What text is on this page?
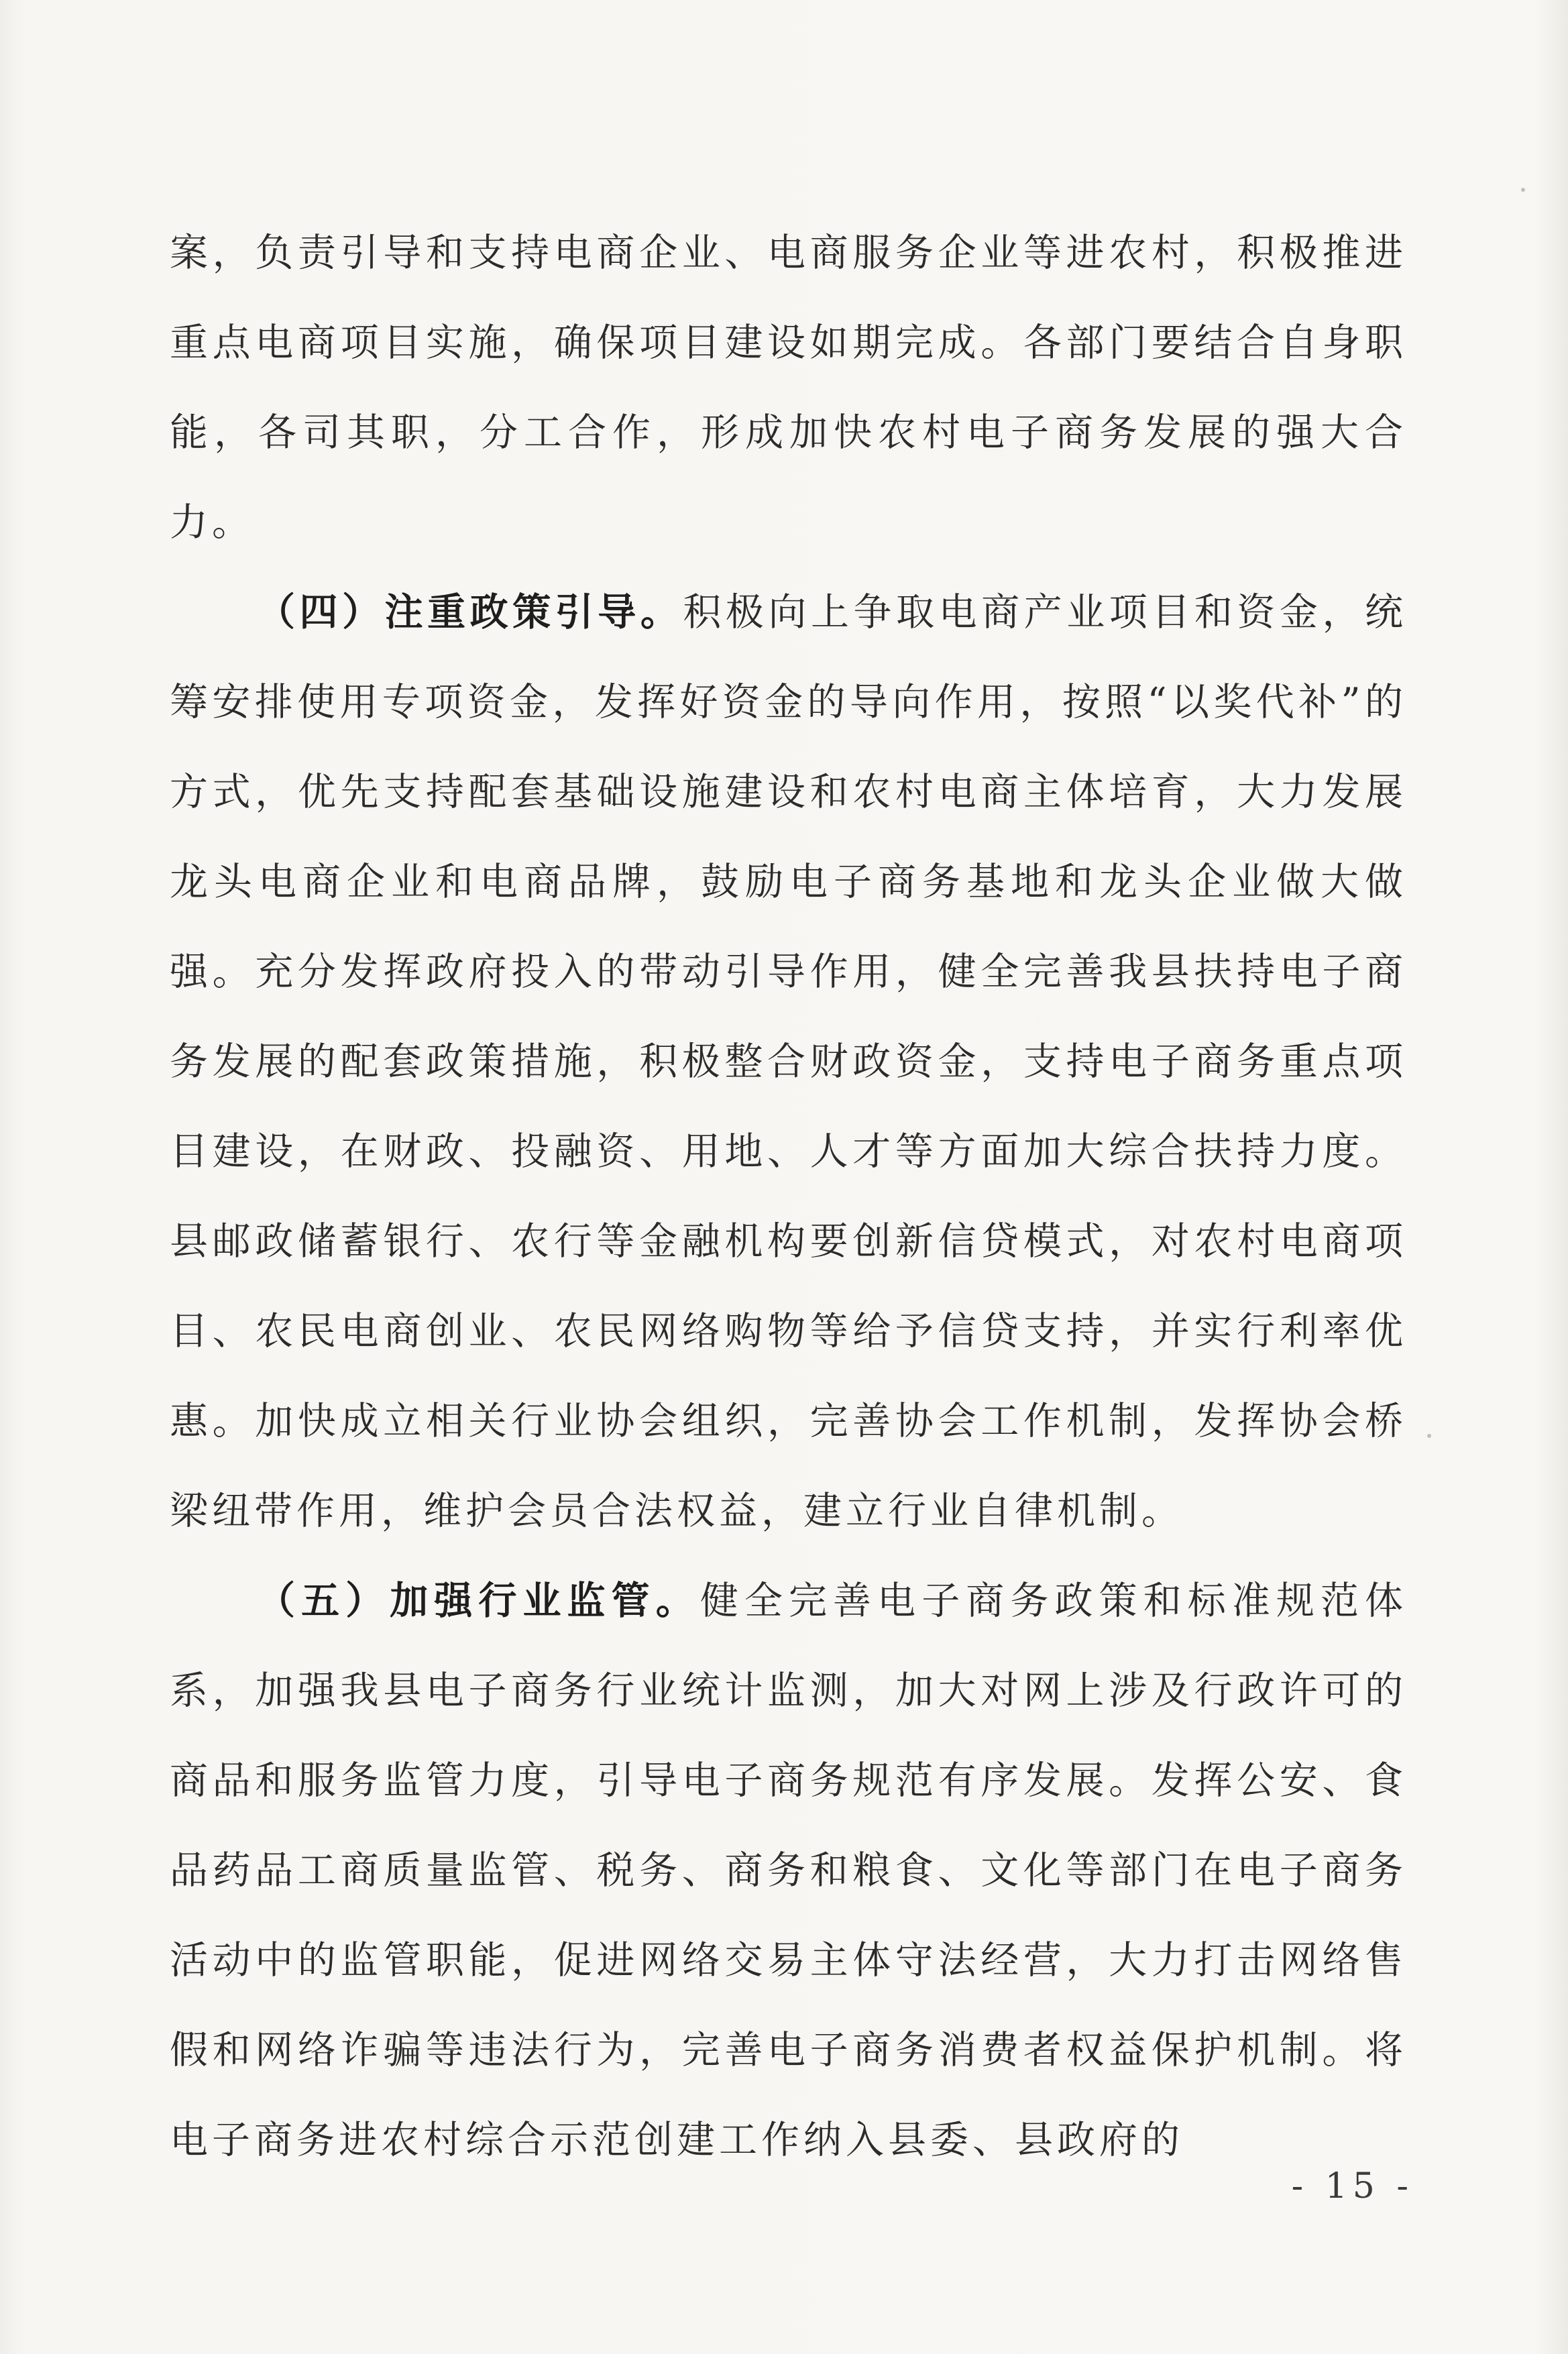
案，负责引导和支持电商企业、电商服务企业等进农村，积极推进重点电商项目实施，确保项目建设如期完成。各部门要结合自身职能，各司其职，分工合作，形成加快农村电子商务发展的强大合力。

（四）注重政策引导。积极向上争取电商产业项目和资金，统筹安排使用专项资金，发挥好资金的导向作用，按照“以奖代补”的方式，优先支持配套基础设施建设和农村电商主体培育，大力发展龙头电商企业和电商品牌，鼓励电子商务基地和龙头企业做大做强。充分发挥政府投入的带动引导作用，健全完善我县扶持电子商务发展的配套政策措施，积极整合财政资金，支持电子商务重点项目建设，在财政、投融资、用地、人才等方面加大综合扶持力度。县邮政储蓄银行、农行等金融机构要创新信贷模式，对农村电商项目、农民电商创业、农民网络购物等给予信贷支持，并实行利率优惠。加快成立相关行业协会组织，完善协会工作机制，发挥协会桥梁纽带作用，维护会员合法权益，建立行业自律机制。

（五）加强行业监管。健全完善电子商务政策和标准规范体系，加强我县电子商务行业统计监测，加大对网上涉及行政许可的商品和服务监管力度，引导电子商务规范有序发展。发挥公安、食品药品工商质量监管、税务、商务和粮食、文化等部门在电子商务活动中的监管职能，促进网络交易主体守法经营，大力打击网络售假和网络诈骗等违法行为，完善电子商务消费者权益保护机制。将电子商务进农村综合示范创建工作纳入县委、县政府的

- 15 -
